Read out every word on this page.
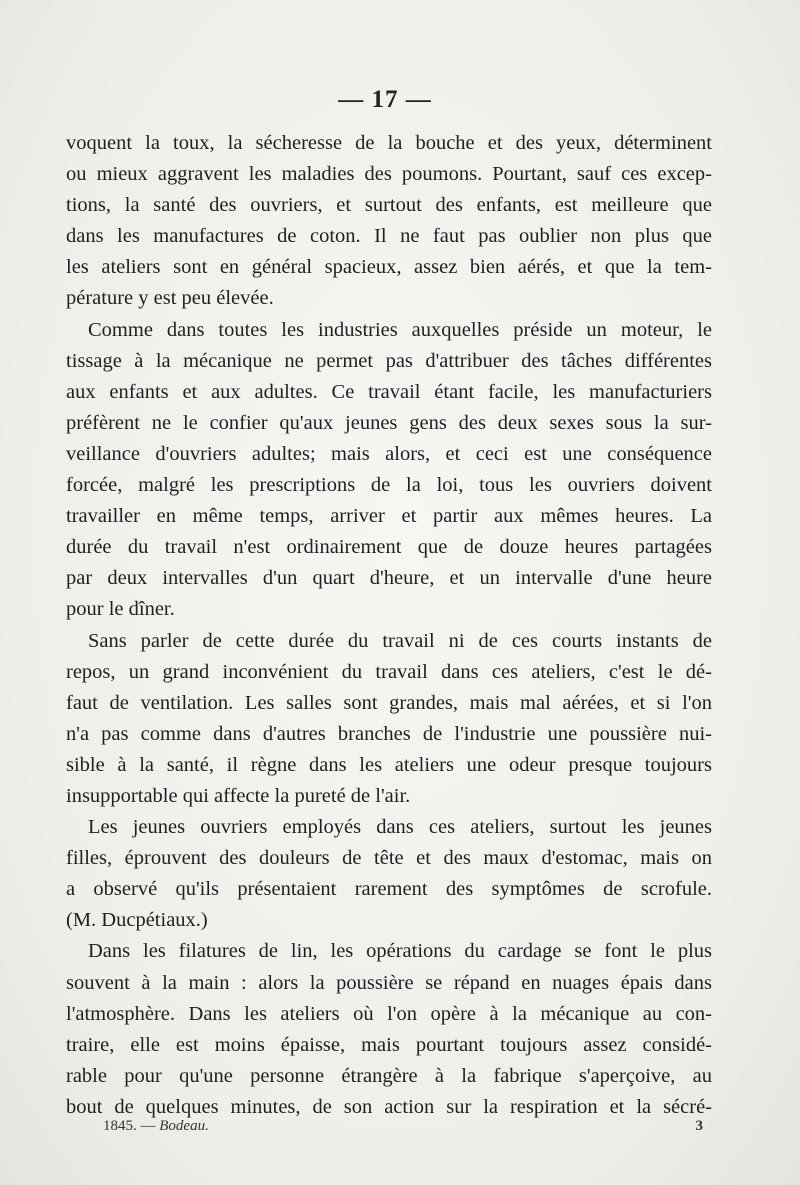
— 17 —
voquent la toux, la sécheresse de la bouche et des yeux, déterminent
ou mieux aggravent les maladies des poumons. Pourtant, sauf ces excep-
tions, la santé des ouvriers, et surtout des enfants, est meilleure que
dans les manufactures de coton. Il ne faut pas oublier non plus que
les ateliers sont en général spacieux, assez bien aérés, et que la tem-
pérature y est peu élevée.
Comme dans toutes les industries auxquelles préside un moteur, le
tissage à la mécanique ne permet pas d'attribuer des tâches différentes
aux enfants et aux adultes. Ce travail étant facile, les manufacturiers
préfèrent ne le confier qu'aux jeunes gens des deux sexes sous la sur-
veillance d'ouvriers adultes; mais alors, et ceci est une conséquence
forcée, malgré les prescriptions de la loi, tous les ouvriers doivent
travailler en même temps, arriver et partir aux mêmes heures. La
durée du travail n'est ordinairement que de douze heures partagées
par deux intervalles d'un quart d'heure, et un intervalle d'une heure
pour le dîner.
Sans parler de cette durée du travail ni de ces courts instants de
repos, un grand inconvénient du travail dans ces ateliers, c'est le dé-
faut de ventilation. Les salles sont grandes, mais mal aérées, et si l'on
n'a pas comme dans d'autres branches de l'industrie une poussière nui-
sible à la santé, il règne dans les ateliers une odeur presque toujours
insupportable qui affecte la pureté de l'air.
Les jeunes ouvriers employés dans ces ateliers, surtout les jeunes
filles, éprouvent des douleurs de tête et des maux d'estomac, mais on
a observé qu'ils présentaient rarement des symptômes de scrofule.
(M. Ducpétiaux.)
Dans les filatures de lin, les opérations du cardage se font le plus
souvent à la main : alors la poussière se répand en nuages épais dans
l'atmosphère. Dans les ateliers où l'on opère à la mécanique au con-
traire, elle est moins épaisse, mais pourtant toujours assez considé-
rable pour qu'une personne étrangère à la fabrique s'aperçoive, au
bout de quelques minutes, de son action sur la respiration et la sécré-
1845. — Bodeau.	3
